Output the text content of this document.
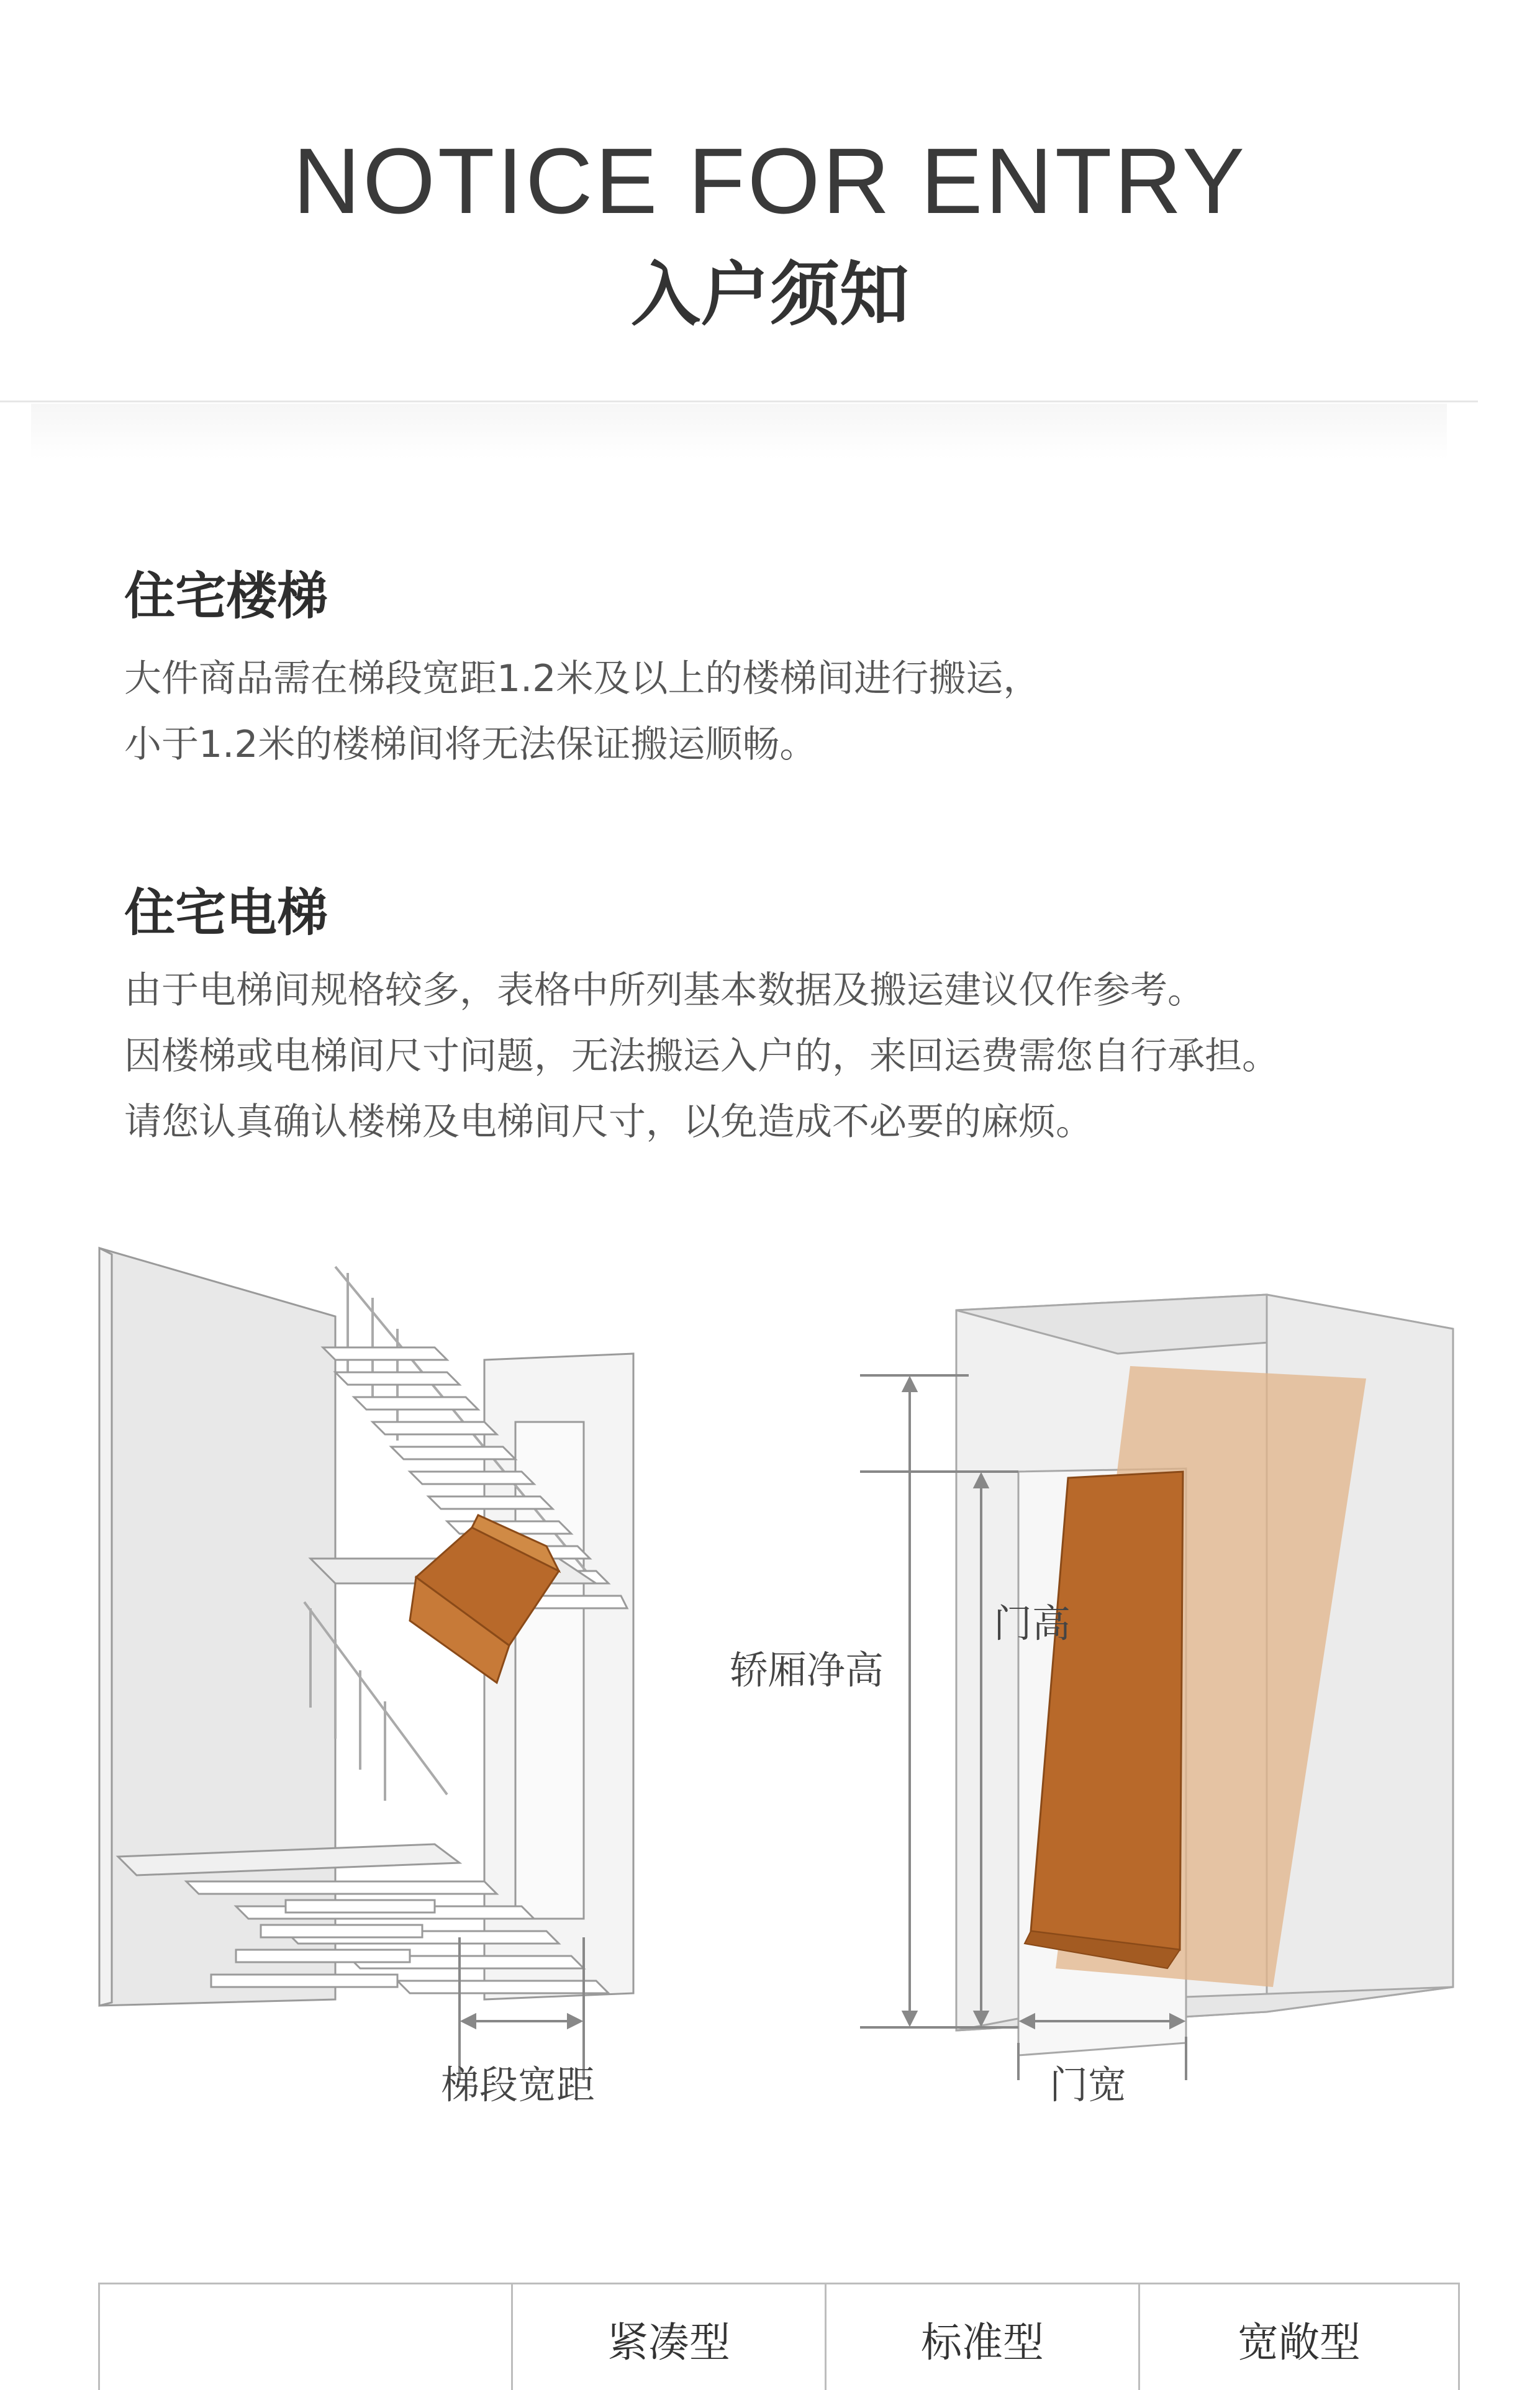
NOTICE FOR ENTRY
入户须知
住宅楼梯
大件商品需在梯段宽距1.2米及以上的楼梯间进行搬运，
小于1.2米的楼梯间将无法保证搬运顺畅。
住宅电梯
由于电梯间规格较多，表格中所列基本数据及搬运建议仅作参考。
因楼梯或电梯间尺寸问题，无法搬运入户的，来回运费需您自行承担。
请您认真确认楼梯及电梯间尺寸，以免造成不必要的麻烦。
梯段宽距
轿厢净高
门高
门宽
紧凑型	标准型	宽敞型
